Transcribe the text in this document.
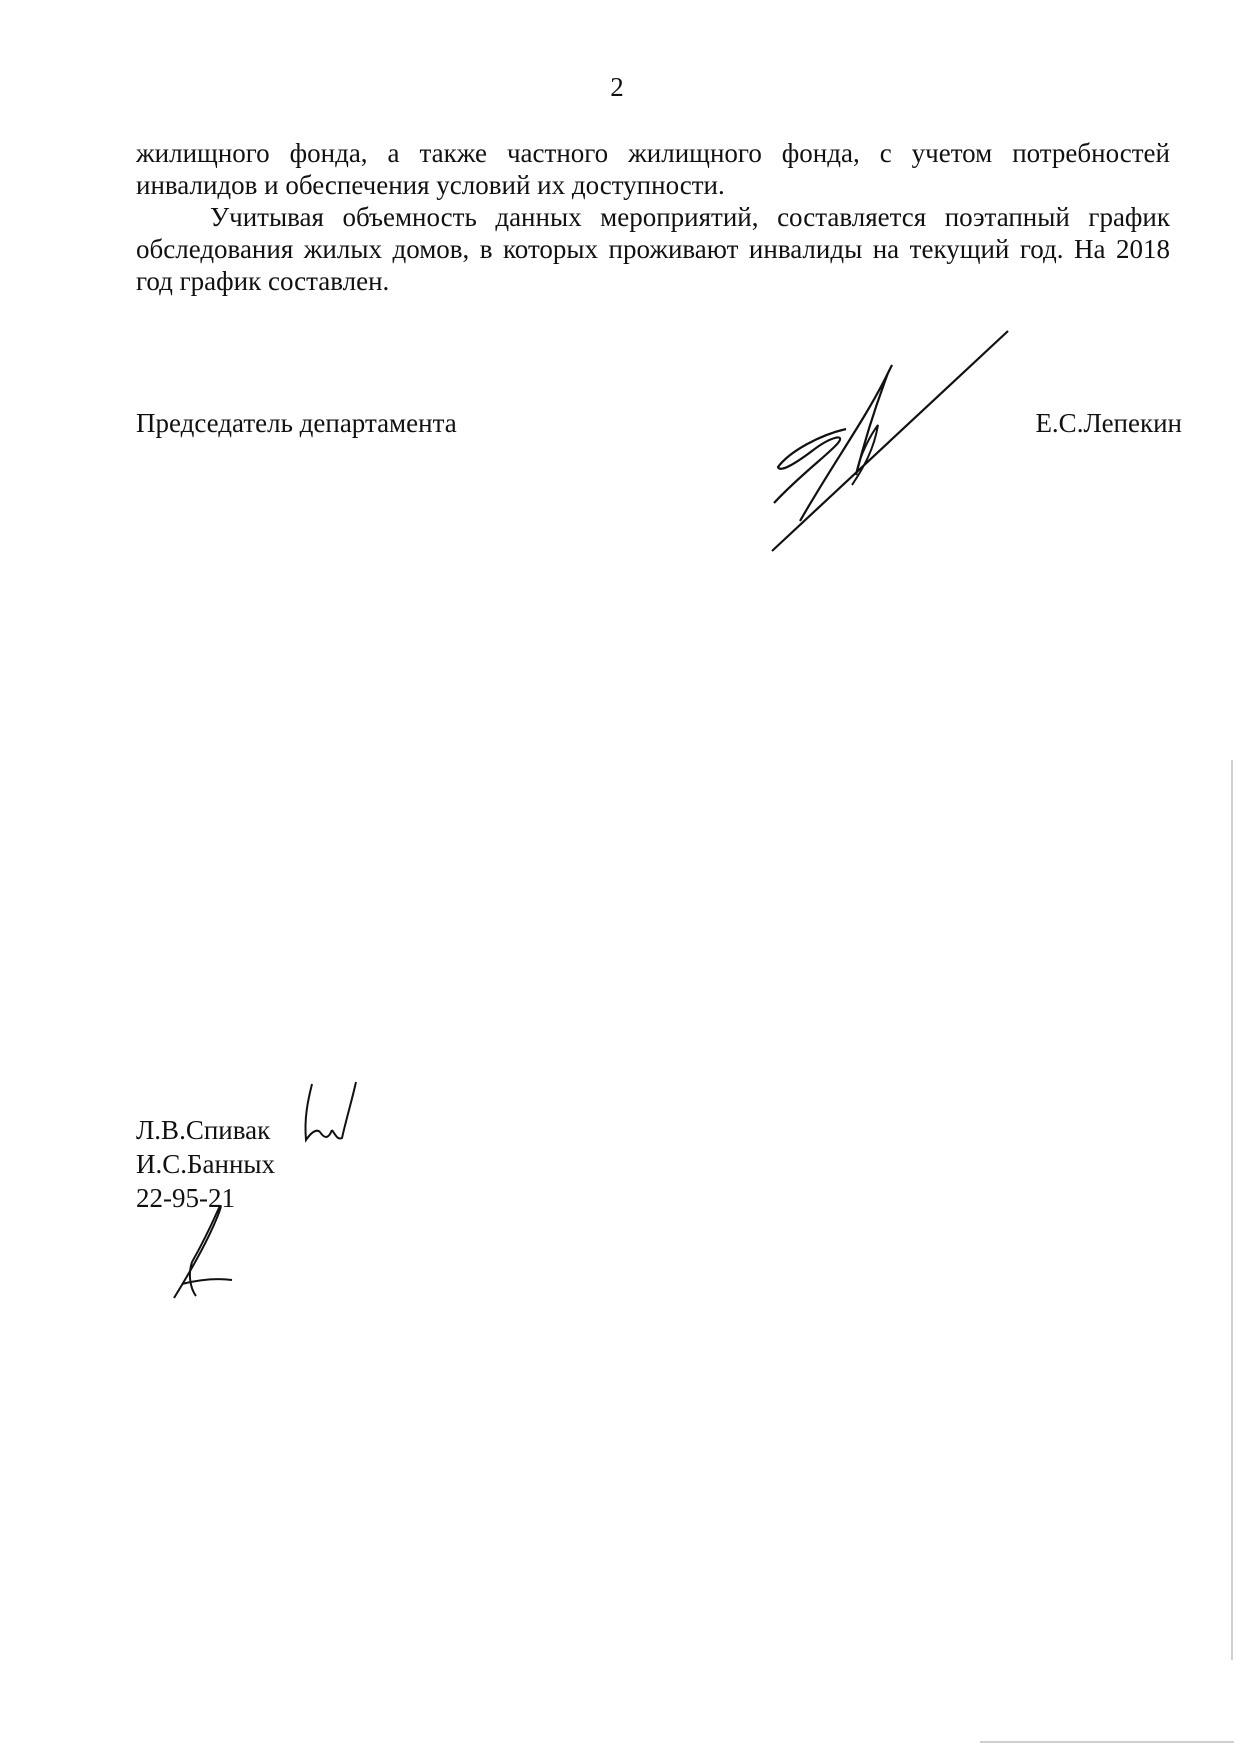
2

жилищного фонда, а также частного жилищного фонда, с учетом потребностей инвалидов и обеспечения условий их доступности.

Учитывая объемность данных мероприятий, составляется поэтапный график обследования жилых домов, в которых проживают инвалиды на текущий год. На 2018 год график составлен.

Председатель департамента	Е.С.Лепекин
Л.В.Спивак
И.С.Банных
22-95-21
